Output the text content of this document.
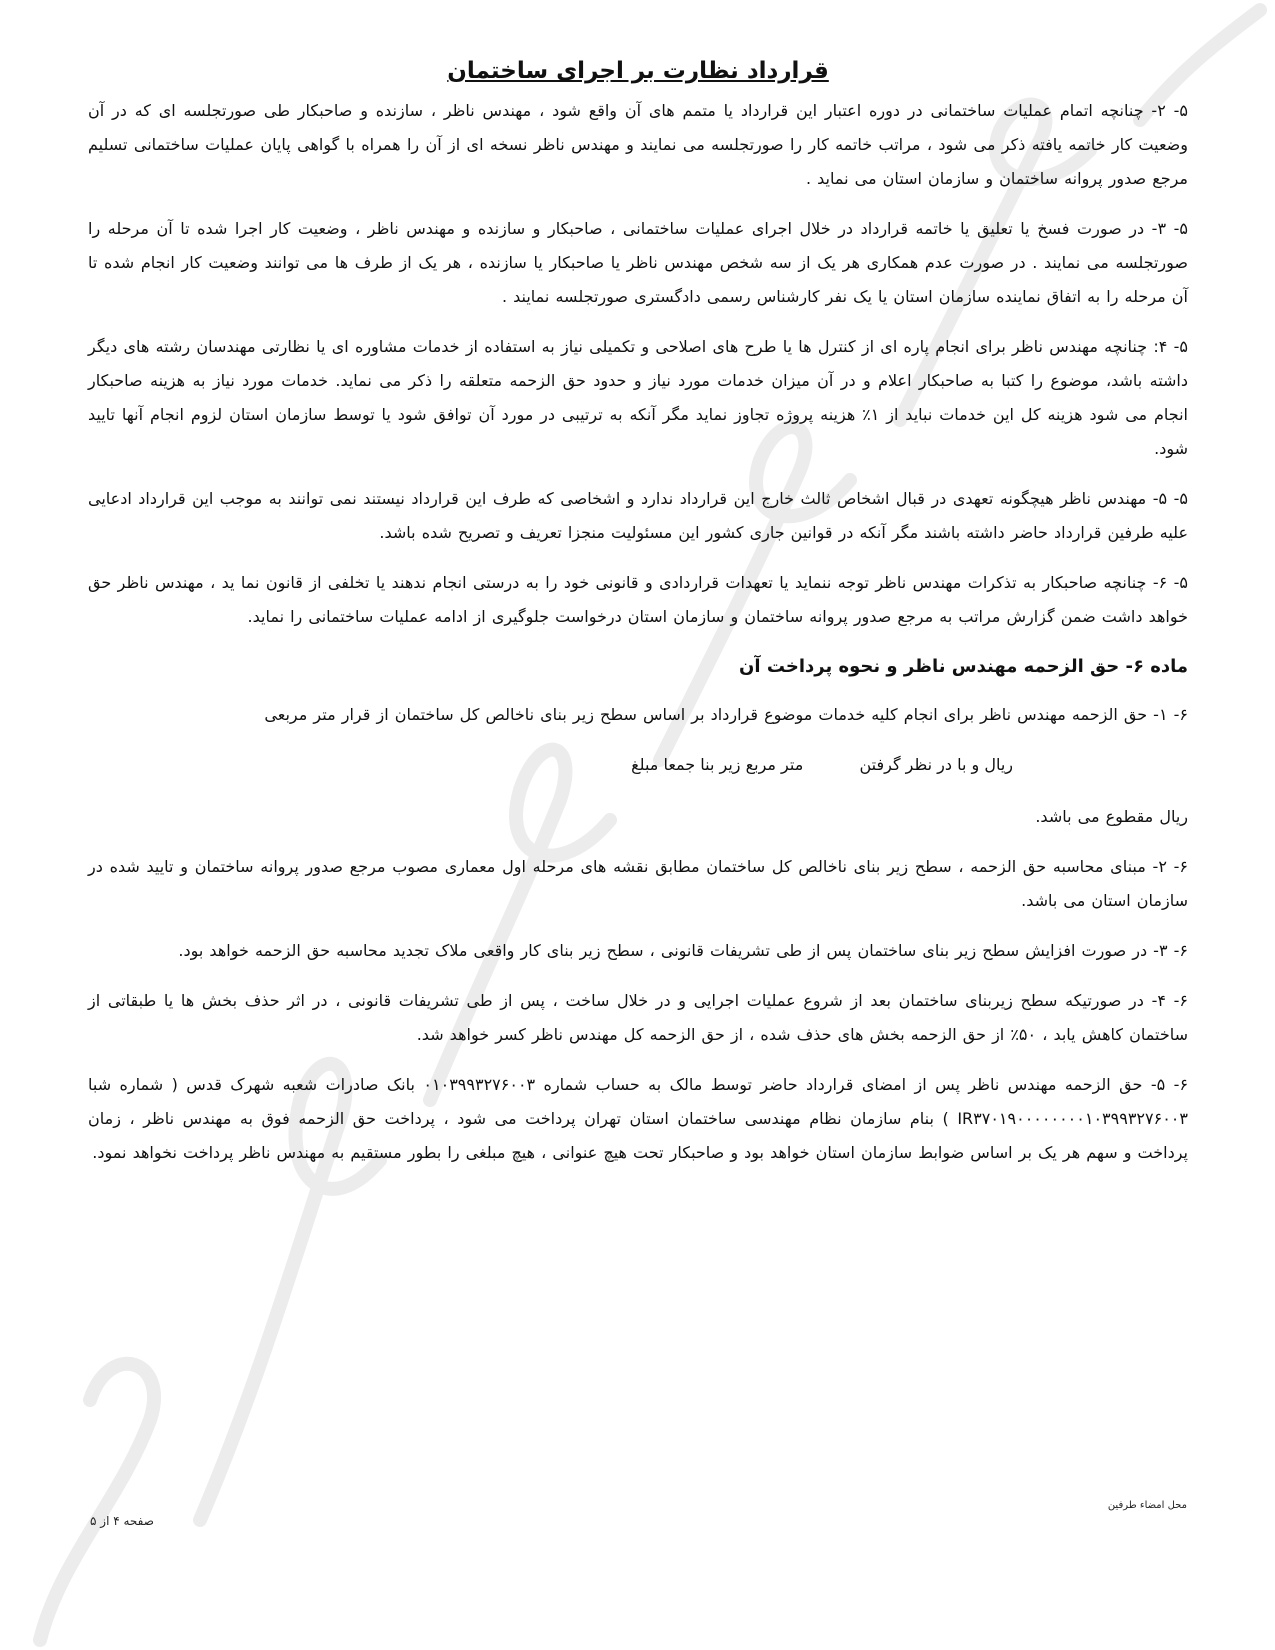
قرارداد نظارت بر اجرای ساختمان

۵- ۲- چنانچه اتمام عملیات ساختمانی در دوره اعتبار این قرارداد یا متمم های آن واقع شود ، مهندس ناظر ، سازنده و صاحبکار طی صورتجلسه ای که در آن وضعیت کار خاتمه یافته ذکر می شود ، مراتب خاتمه کار را صورتجلسه می نمایند و مهندس ناظر نسخه ای از آن را همراه با گواهی پایان عملیات ساختمانی تسلیم مرجع صدور پروانه ساختمان و سازمان استان می نماید .

۵- ۳- در صورت فسخ یا تعلیق یا خاتمه قرارداد در خلال اجرای عملیات ساختمانی ، صاحبکار و سازنده و مهندس ناظر ، وضعیت کار اجرا شده تا آن مرحله را صورتجلسه می نمایند . در صورت عدم همکاری هر یک از سه شخص مهندس ناظر یا صاحبکار یا سازنده ، هر یک از طرف ها می توانند وضعیت کار انجام شده تا آن مرحله را به اتفاق نماینده سازمان استان یا یک نفر کارشناس رسمی دادگستری صورتجلسه نمایند .

۵- ۴: چنانچه مهندس ناظر برای انجام پاره ای از کنترل ها یا طرح های اصلاحی و تکمیلی نیاز به استفاده از خدمات مشاوره ای یا نظارتی مهندسان رشته های دیگر داشته باشد، موضوع را کتبا به صاحبکار اعلام و در آن میزان خدمات مورد نیاز و حدود حق الزحمه متعلقه را ذکر می نماید. خدمات مورد نیاز به هزینه صاحبکار انجام می شود هزینه کل این خدمات نباید از ۱٪ هزینه پروژه تجاوز نماید مگر آنکه به ترتیبی در مورد آن توافق شود یا توسط سازمان استان لزوم انجام آنها تایید شود.

۵- ۵- مهندس ناظر هیچگونه تعهدی در قبال اشخاص ثالث خارج این قرارداد ندارد و اشخاصی که طرف این قرارداد نیستند نمی توانند به موجب این قرارداد ادعایی علیه طرفین قرارداد حاضر داشته باشند مگر آنکه در قوانین جاری کشور این مسئولیت منجزا تعریف و تصریح شده باشد.

۵- ۶- چنانچه صاحبکار به تذکرات مهندس ناظر توجه ننماید یا تعهدات قراردادی و قانونی خود را به درستی انجام ندهند یا تخلفی از قانون نما ید ، مهندس ناظر حق خواهد داشت ضمن گزارش مراتب به مرجع صدور پروانه ساختمان و سازمان استان درخواست جلوگیری از ادامه عملیات ساختمانی را نماید.

ماده ۶- حق الزحمه مهندس ناظر و نحوه پرداخت آن

۶- ۱- حق الزحمه مهندس ناظر برای انجام کلیه خدمات موضوع قرارداد بر اساس سطح زیر بنای ناخالص کل ساختمان از قرار متر مربعی

ریال و با در نظر گرفتن  متر مربع زیر بنا جمعا مبلغ

ریال مقطوع می باشد.

۶- ۲- مبنای محاسبه حق الزحمه ، سطح زیر بنای ناخالص کل ساختمان مطابق نقشه های مرحله اول معماری مصوب مرجع صدور پروانه ساختمان و تایید شده در سازمان استان می باشد.

۶- ۳- در صورت افزایش سطح زیر بنای ساختمان پس از طی تشریفات قانونی ، سطح زیر بنای کار واقعی ملاک تجدید محاسبه حق الزحمه خواهد بود.

۶- ۴- در صورتیکه سطح زیربنای ساختمان بعد از شروع عملیات اجرایی و در خلال ساخت ، پس از طی تشریفات قانونی ، در اثر حذف بخش ها یا طبقاتی از ساختمان کاهش یابد ، ۵۰٪ از حق الزحمه بخش های حذف شده ، از حق الزحمه کل مهندس ناظر کسر خواهد شد.

۶- ۵- حق الزحمه مهندس ناظر پس از امضای قرارداد حاضر توسط مالک به حساب شماره ۰۱۰۳۹۹۳۲۷۶۰۰۳ بانک صادرات شعبه شهرک قدس ( شماره شبا IR۳۷۰۱۹۰۰۰۰۰۰۰۰۱۰۳۹۹۳۲۷۶۰۰۳ ) بنام سازمان نظام مهندسی ساختمان استان تهران پرداخت می شود ، پرداخت حق الزحمه فوق به مهندس ناظر ، زمان پرداخت و سهم هر یک بر اساس ضوابط سازمان استان خواهد بود و صاحبکار تحت هیچ عنوانی ، هیچ مبلغی را بطور مستقیم به مهندس ناظر پرداخت نخواهد نمود.

محل امضاء طرفین
صفحه ۴ از ۵
